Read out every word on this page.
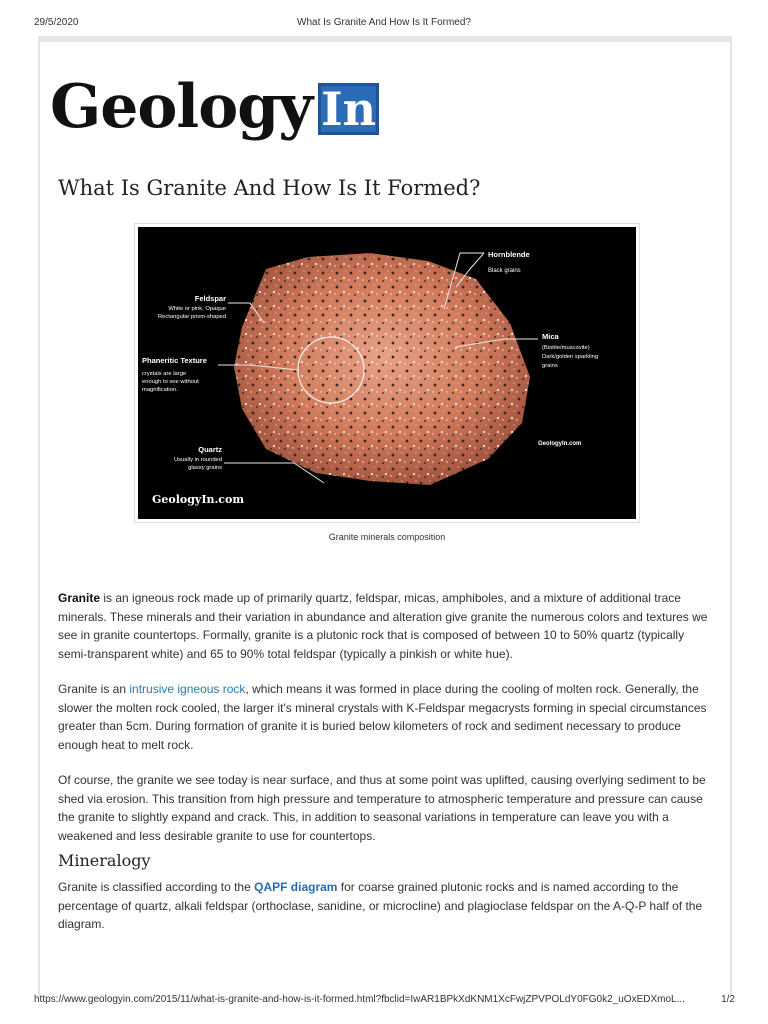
29/5/2020	What Is Granite And How Is It Formed?
Geology In
What Is Granite And How Is It Formed?
Feldspar
White or pink, Opaque
Rectangular prism-shaped
Phaneritic Texture
crystals are large
enough to see without
magnification.
Quartz
Usually in rounded
glassy grains
Hornblende
Black grains
Mica
(Biotite/muscovite)
Dark/golden sparkling
grains
GeologyIn.com
GeologyIn.com
Granite minerals composition

Granite is an igneous rock made up of primarily quartz, feldspar, micas, amphiboles, and a mixture of additional trace minerals. These minerals and their variation in abundance and alteration give granite the numerous colors and textures we see in granite countertops. Formally, granite is a plutonic rock that is composed of between 10 to 50% quartz (typically semi-transparent white) and 65 to 90% total feldspar (typically a pinkish or white hue).

Granite is an intrusive igneous rock, which means it was formed in place during the cooling of molten rock. Generally, the slower the molten rock cooled, the larger it's mineral crystals with K-Feldspar megacrysts forming in special circumstances greater than 5cm. During formation of granite it is buried below kilometers of rock and sediment necessary to produce enough heat to melt rock.

Of course, the granite we see today is near surface, and thus at some point was uplifted, causing overlying sediment to be shed via erosion. This transition from high pressure and temperature to atmospheric temperature and pressure can cause the granite to slightly expand and crack. This, in addition to seasonal variations in temperature can leave you with a weakened and less desirable granite to use for countertops.

Mineralogy

Granite is classified according to the QAPF diagram for coarse grained plutonic rocks and is named according to the percentage of quartz, alkali feldspar (orthoclase, sanidine, or microcline) and plagioclase feldspar on the A-Q-P half of the diagram.

https://www.geologyin.com/2015/11/what-is-granite-and-how-is-it-formed.html?fbclid=IwAR1BPkXdKNM1XcFwjZPVPOLdY0FG0k2_uOxEDXmoL...	1/2
